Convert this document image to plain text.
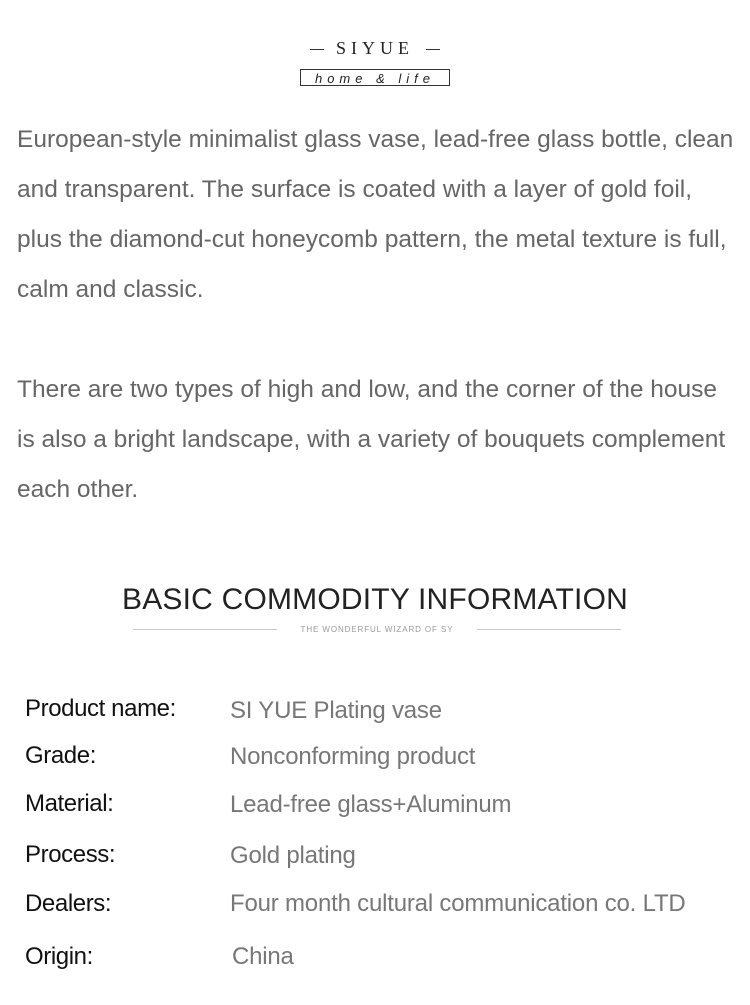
SIYUE
home & life

European-style minimalist glass vase, lead-free glass bottle, clean and transparent. The surface is coated with a layer of gold foil, plus the diamond-cut honeycomb pattern, the metal texture is full, calm and classic.

There are two types of high and low, and the corner of the house is also a bright landscape, with a variety of bouquets complement each other.

BASIC COMMODITY INFORMATION
THE WONDERFUL WIZARD OF SY
Product name: SI YUE Plating vase
Grade:	Nonconforming product
Material:	Lead-free glass+Aluminum
Process:	Gold plating
Dealers:	Four month cultural communication co. LTD
Origin:	China
